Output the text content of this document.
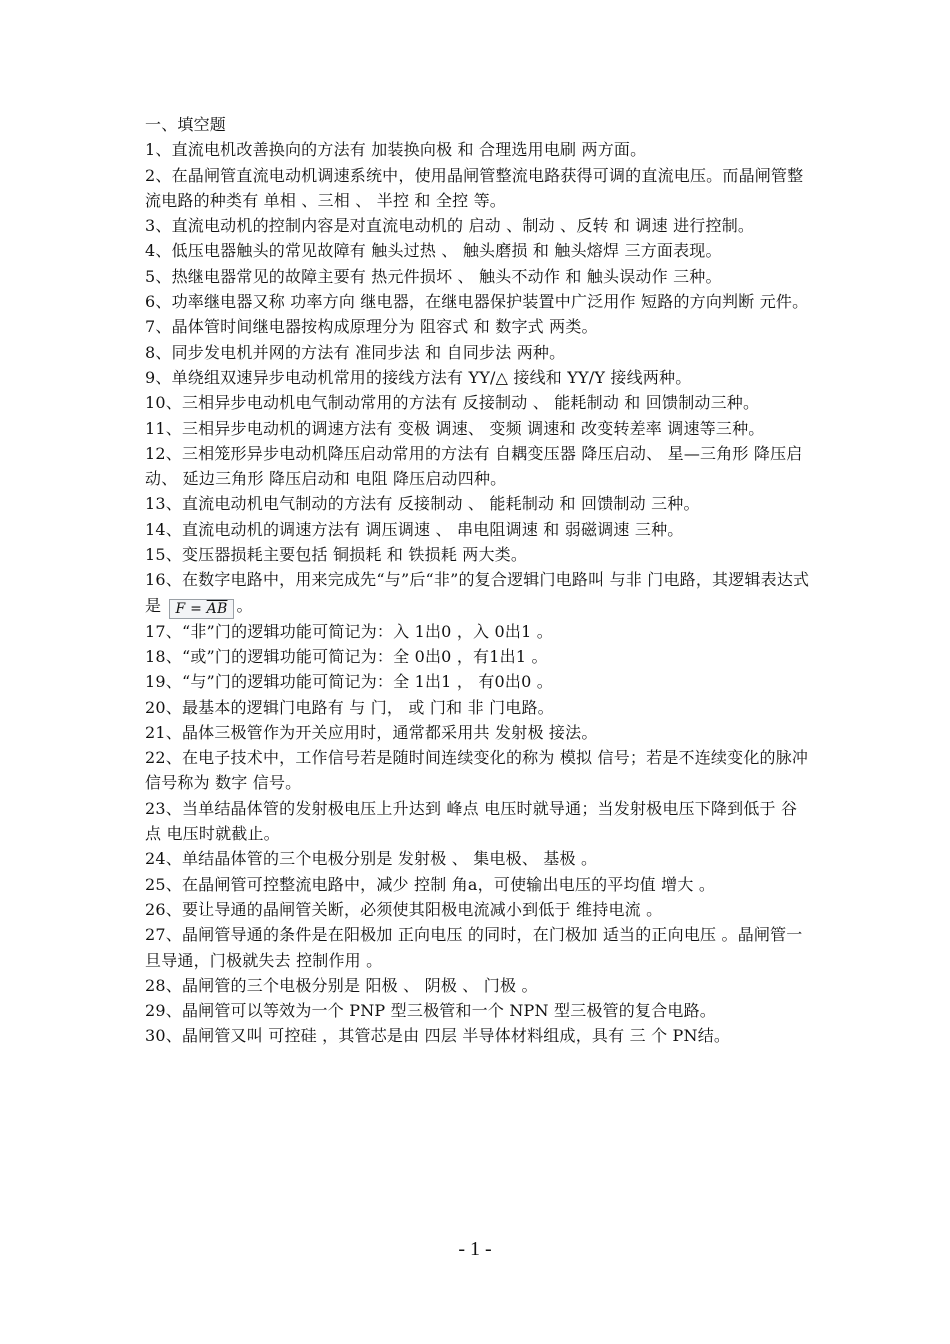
一、填空题
1、直流电机改善换向的方法有 加装换向极 和 合理选用电刷 两方面。
2、在晶闸管直流电动机调速系统中，使用晶闸管整流电路获得可调的直流电压。而晶闸管整流电路的种类有 单相 、三相 、 半控 和 全控 等。
3、直流电动机的控制内容是对直流电动机的 启动 、制动 、反转 和 调速 进行控制。
4、低压电器触头的常见故障有 触头过热 、 触头磨损 和 触头熔焊 三方面表现。
5、热继电器常见的故障主要有 热元件损坏 、 触头不动作 和 触头误动作 三种。
6、功率继电器又称 功率方向 继电器，在继电器保护装置中广泛用作 短路的方向判断 元件。
7、晶体管时间继电器按构成原理分为 阻容式 和 数字式 两类。
8、同步发电机并网的方法有 准同步法 和 自同步法 两种。
9、单绕组双速异步电动机常用的接线方法有 YY/△ 接线和 YY/Y 接线两种。
10、三相异步电动机电气制动常用的方法有 反接制动 、 能耗制动 和 回馈制动三种。
11、三相异步电动机的调速方法有 变极 调速、 变频 调速和 改变转差率 调速等三种。
12、三相笼形异步电动机降压启动常用的方法有 自耦变压器 降压启动、 星—三角形 降压启动、 延边三角形 降压启动和 电阻 降压启动四种。
13、直流电动机电气制动的方法有 反接制动 、 能耗制动 和 回馈制动 三种。
14、直流电动机的调速方法有 调压调速 、 串电阻调速 和 弱磁调速 三种。
15、变压器损耗主要包括 铜损耗 和 铁损耗 两大类。
16、在数字电路中，用来完成先“与”后“非”的复合逻辑门电路叫 与非 门电路，其逻辑表达式是 $F = \overline{AB}$ 。
17、“非”门的逻辑功能可简记为：入 1出0 ，入 0出1 。
18、“或”门的逻辑功能可简记为：全 0出0 ，有1出1 。
19、“与”门的逻辑功能可简记为：全 1出1 ， 有0出0 。
20、最基本的逻辑门电路有 与 门， 或 门和 非 门电路。
21、晶体三极管作为开关应用时，通常都采用共 发射极 接法。
22、在电子技术中，工作信号若是随时间连续变化的称为 模拟 信号；若是不连续变化的脉冲信号称为 数字 信号。
23、当单结晶体管的发射极电压上升达到 峰点 电压时就导通；当发射极电压下降到低于 谷点 电压时就截止。
24、单结晶体管的三个电极分别是 发射极 、 集电极、 基极 。
25、在晶闸管可控整流电路中，减少 控制 角a，可使输出电压的平均值 增大 。
26、要让导通的晶闸管关断，必须使其阳极电流减小到低于 维持电流 。
27、晶闸管导通的条件是在阳极加 正向电压 的同时，在门极加 适当的正向电压 。晶闸管一旦导通，门极就失去 控制作用 。
28、晶闸管的三个电极分别是 阳极 、 阴极 、 门极 。
29、晶闸管可以等效为一个 PNP 型三极管和一个 NPN 型三极管的复合电路。
30、晶闸管又叫 可控硅 ，其管芯是由 四层 半导体材料组成，具有 三 个 PN结。
- 1 -
